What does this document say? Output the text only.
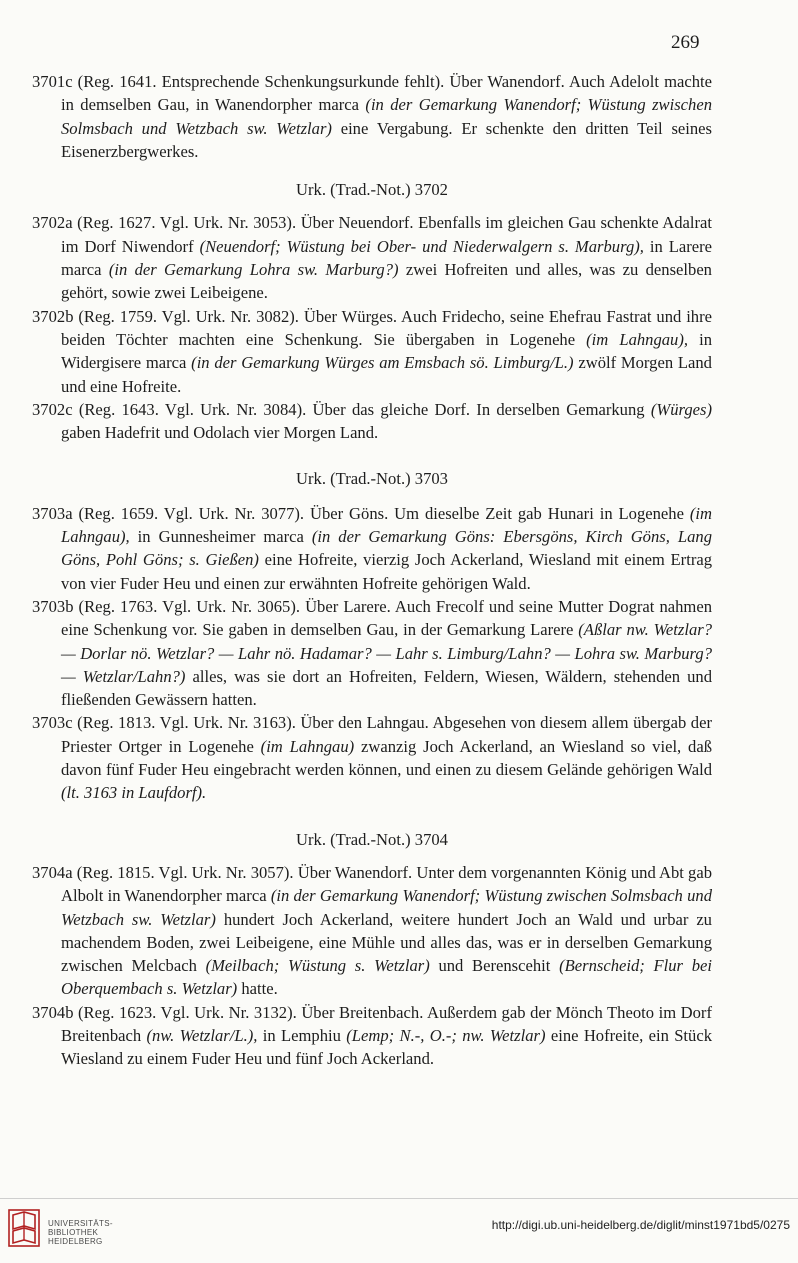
269

3701c (Reg. 1641. Entsprechende Schenkungsurkunde fehlt). Über Wanendorf. Auch Adelolt machte in demselben Gau, in Wanendorpher marca (in der Gemarkung Wanendorf; Wüstung zwischen Solmsbach und Wetzbach sw. Wetzlar) eine Vergabung. Er schenkte den dritten Teil seines Eisenerzbergwerkes.

Urk. (Trad.-Not.) 3702

3702a (Reg. 1627. Vgl. Urk. Nr. 3053). Über Neuendorf. Ebenfalls im gleichen Gau schenkte Adalrat im Dorf Niwendorf (Neuendorf; Wüstung bei Ober- und Niederwalgern s. Marburg), in Larere marca (in der Gemarkung Lohra sw. Marburg?) zwei Hofreiten und alles, was zu denselben gehört, sowie zwei Leibeigene.

3702b (Reg. 1759. Vgl. Urk. Nr. 3082). Über Würges. Auch Fridecho, seine Ehefrau Fastrat und ihre beiden Töchter machten eine Schenkung. Sie übergaben in Logenehe (im Lahngau), in Widergisere marca (in der Gemarkung Würges am Emsbach sö. Limburg/L.) zwölf Morgen Land und eine Hofreite.

3702c (Reg. 1643. Vgl. Urk. Nr. 3084). Über das gleiche Dorf. In derselben Gemarkung (Würges) gaben Hadefrit und Odolach vier Morgen Land.

Urk. (Trad.-Not.) 3703

3703a (Reg. 1659. Vgl. Urk. Nr. 3077). Über Göns. Um dieselbe Zeit gab Hunari in Logenehe (im Lahngau), in Gunnesheimer marca (in der Gemarkung Göns: Ebersgöns, Kirch Göns, Lang Göns, Pohl Göns; s. Gießen) eine Hofreite, vierzig Joch Ackerland, Wiesland mit einem Ertrag von vier Fuder Heu und einen zur erwähnten Hofreite gehörigen Wald.

3703b (Reg. 1763. Vgl. Urk. Nr. 3065). Über Larere. Auch Frecolf und seine Mutter Dograt nahmen eine Schenkung vor. Sie gaben in demselben Gau, in der Gemarkung Larere (Aßlar nw. Wetzlar? — Dorlar nö. Wetzlar? — Lahr nö. Hadamar? — Lahr s. Limburg/Lahn? — Lohra sw. Marburg? — Wetzlar/Lahn?) alles, was sie dort an Hofreiten, Feldern, Wiesen, Wäldern, stehenden und fließenden Gewässern hatten.

3703c (Reg. 1813. Vgl. Urk. Nr. 3163). Über den Lahngau. Abgesehen von diesem allem übergab der Priester Ortger in Logenehe (im Lahngau) zwanzig Joch Ackerland, an Wiesland so viel, daß davon fünf Fuder Heu eingebracht werden können, und einen zu diesem Gelände gehörigen Wald (lt. 3163 in Laufdorf).

Urk. (Trad.-Not.) 3704

3704a (Reg. 1815. Vgl. Urk. Nr. 3057). Über Wanendorf. Unter dem vorgenannten König und Abt gab Albolt in Wanendorpher marca (in der Gemarkung Wanendorf; Wüstung zwischen Solmsbach und Wetzbach sw. Wetzlar) hundert Joch Ackerland, weitere hundert Joch an Wald und urbar zu machendem Boden, zwei Leibeigene, eine Mühle und alles das, was er in derselben Gemarkung zwischen Melcbach (Meilbach; Wüstung s. Wetzlar) und Berenscehit (Bernscheid; Flur bei Oberquembach s. Wetzlar) hatte.

3704b (Reg. 1623. Vgl. Urk. Nr. 3132). Über Breitenbach. Außerdem gab der Mönch Theoto im Dorf Breitenbach (nw. Wetzlar/L.), in Lemphiu (Lemp; N.-, O.-; nw. Wetzlar) eine Hofreite, ein Stück Wiesland zu einem Fuder Heu und fünf Joch Ackerland.

UNIVERSITÄTS-
BIBLIOTHEK
HEIDELBERG
http://digi.ub.uni-heidelberg.de/diglit/minst1971bd5/0275
